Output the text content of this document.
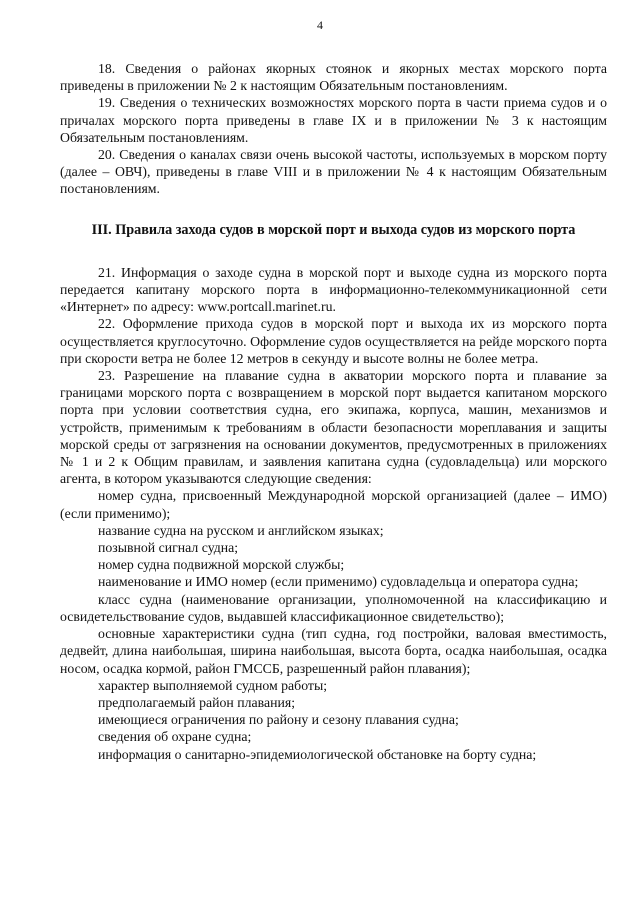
4

18. Сведения о районах якорных стоянок и якорных местах морского порта приведены в приложении № 2 к настоящим Обязательным постановлениям.

19. Сведения о технических возможностях морского порта в части приема судов и о причалах морского порта приведены в главе IX и в приложении № 3 к настоящим Обязательным постановлениям.

20. Сведения о каналах связи очень высокой частоты, используемых в морском порту (далее – ОВЧ), приведены в главе VIII и в приложении № 4 к настоящим Обязательным постановлениям.

III. Правила захода судов в морской порт и выхода судов из морского порта

21. Информация о заходе судна в морской порт и выходе судна из морского порта передается капитану морского порта в информационно-телекоммуникационной сети «Интернет» по адресу: www.portcall.marinet.ru.

22. Оформление прихода судов в морской порт и выхода их из морского порта осуществляется круглосуточно. Оформление судов осуществляется на рейде морского порта при скорости ветра не более 12 метров в секунду и высоте волны не более метра.

23. Разрешение на плавание судна в акватории морского порта и плавание за границами морского порта с возвращением в морской порт выдается капитаном морского порта при условии соответствия судна, его экипажа, корпуса, машин, механизмов и устройств, применимым к требованиям в области безопасности мореплавания и защиты морской среды от загрязнения на основании документов, предусмотренных в приложениях № 1 и 2 к Общим правилам, и заявления капитана судна (судовладельца) или морского агента, в котором указываются следующие сведения:

номер судна, присвоенный Международной морской организацией (далее – ИМО) (если применимо);

название судна на русском и английском языках;

позывной сигнал судна;

номер судна подвижной морской службы;

наименование и ИМО номер (если применимо) судовладельца и оператора судна;

класс судна (наименование организации, уполномоченной на классификацию и освидетельствование судов, выдавшей классификационное свидетельство);

основные характеристики судна (тип судна, год постройки, валовая вместимость, дедвейт, длина наибольшая, ширина наибольшая, высота борта, осадка наибольшая, осадка носом, осадка кормой, район ГМССБ, разрешенный район плавания);

характер выполняемой судном работы;

предполагаемый район плавания;

имеющиеся ограничения по району и сезону плавания судна;

сведения об охране судна;

информация о санитарно-эпидемиологической обстановке на борту судна;
